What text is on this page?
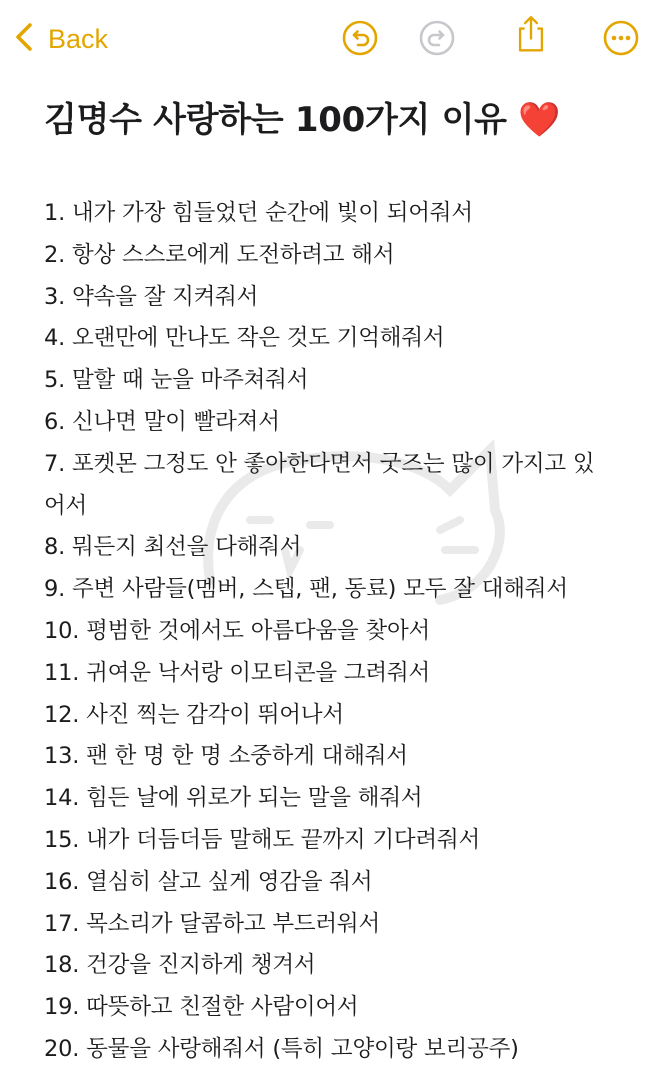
Back
김명수 사랑하는 100가지 이유 ❤️
1. 내가 가장 힘들었던 순간에 빛이 되어줘서
2. 항상 스스로에게 도전하려고 해서
3. 약속을 잘 지켜줘서
4. 오랜만에 만나도 작은 것도 기억해줘서
5. 말할 때 눈을 마주쳐줘서
6. 신나면 말이 빨라져서
7. 포켓몬 그정도 안 좋아한다면서 굿즈는 많이 가지고 있
어서
8. 뭐든지 최선을 다해줘서
9. 주변 사람들(멤버, 스텝, 팬, 동료) 모두 잘 대해줘서
10. 평범한 것에서도 아름다움을 찾아서
11. 귀여운 낙서랑 이모티콘을 그려줘서
12. 사진 찍는 감각이 뛰어나서
13. 팬 한 명 한 명 소중하게 대해줘서
14. 힘든 날에 위로가 되는 말을 해줘서
15. 내가 더듬더듬 말해도 끝까지 기다려줘서
16. 열심히 살고 싶게 영감을 줘서
17. 목소리가 달콤하고 부드러워서
18. 건강을 진지하게 챙겨서
19. 따뜻하고 친절한 사람이어서
20. 동물을 사랑해줘서 (특히 고양이랑 보리공주)
